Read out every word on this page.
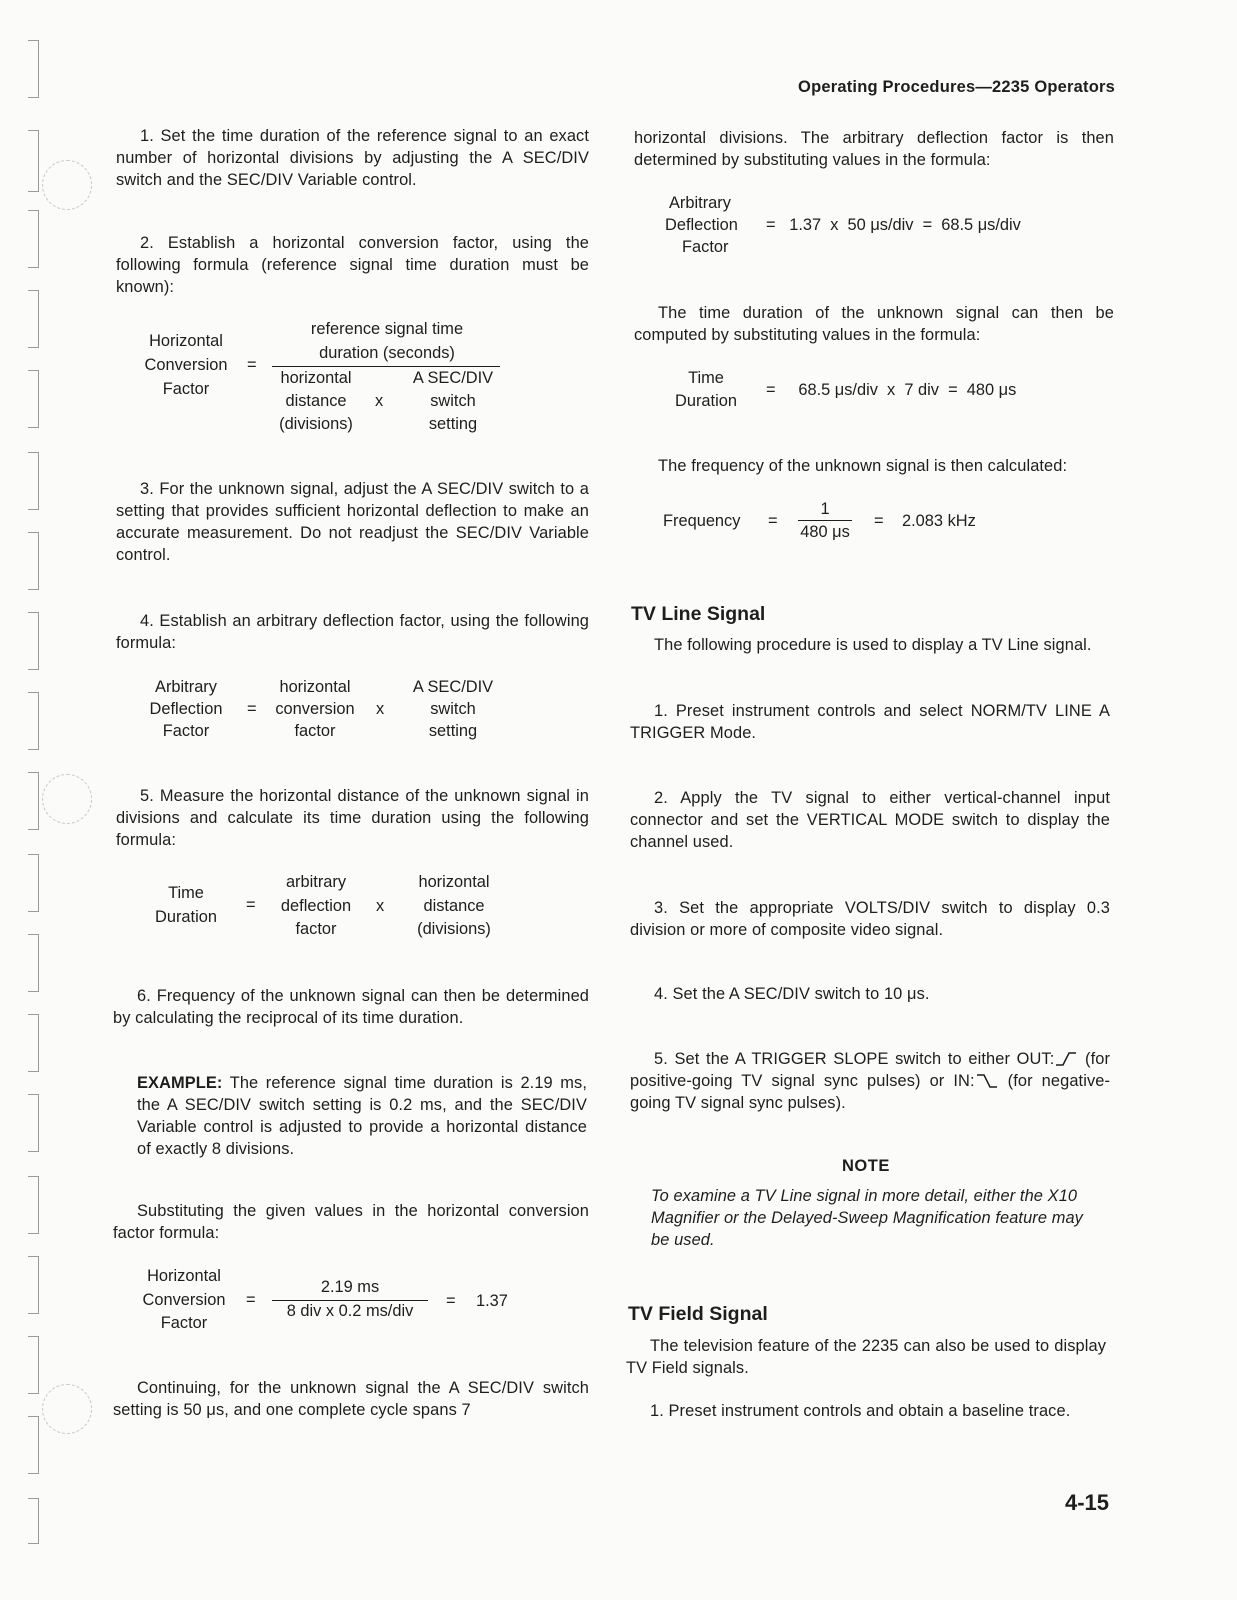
Operating Procedures—2235 Operators
1. Set the time duration of the reference signal to an exact number of horizontal divisions by adjusting the A SEC/DIV switch and the SEC/DIV Variable control.
2. Establish a horizontal conversion factor, using the following formula (reference signal time duration must be known):
Horizontal
Conversion
Factor
=
reference signal time
duration (seconds)
horizontal
distance
(divisions)
x
A SEC/DIV
switch
setting
3. For the unknown signal, adjust the A SEC/DIV switch to a setting that provides sufficient horizontal deflection to make an accurate measurement. Do not readjust the SEC/DIV Variable control.
4. Establish an arbitrary deflection factor, using the following formula:
Arbitrary
Deflection
Factor
=
horizontal
conversion
factor
x
A SEC/DIV
switch
setting
5. Measure the horizontal distance of the unknown signal in divisions and calculate its time duration using the following formula:
Time
Duration
=
arbitrary
deflection
factor
x
horizontal
distance
(divisions)
6. Frequency of the unknown signal can then be determined by calculating the reciprocal of its time duration.
EXAMPLE: The reference signal time duration is 2.19 ms, the A SEC/DIV switch setting is 0.2 ms, and the SEC/DIV Variable control is adjusted to provide a horizontal distance of exactly 8 divisions.
Substituting the given values in the horizontal conversion factor formula:
Horizontal
Conversion
Factor
=
2.19 ms
8 div x 0.2 ms/div
= 1.37
Continuing, for the unknown signal the A SEC/DIV switch setting is 50 μs, and one complete cycle spans 7
horizontal divisions. The arbitrary deflection factor is then determined by substituting values in the formula:
Arbitrary
Deflection
Factor
=   1.37  x  50 μs/div  =  68.5 μs/div
The time duration of the unknown signal can then be computed by substituting values in the formula:
Time
Duration
=     68.5 μs/div  x  7 div  =  480 μs
The frequency of the unknown signal is then calculated:
Frequency =
1
480 μs
= 2.083 kHz
TV Line Signal
The following procedure is used to display a TV Line signal.
1. Preset instrument controls and select NORM/TV LINE A TRIGGER Mode.
2. Apply the TV signal to either vertical-channel input connector and set the VERTICAL MODE switch to display the channel used.
3. Set the appropriate VOLTS/DIV switch to display 0.3 division or more of composite video signal.
4. Set the A SEC/DIV switch to 10 μs.
5. Set the A TRIGGER SLOPE switch to either OUT: (for positive-going TV signal sync pulses) or IN: (for negative-going TV signal sync pulses).
NOTE
To examine a TV Line signal in more detail, either the X10 Magnifier or the Delayed-Sweep Magnification feature may be used.
TV Field Signal
The television feature of the 2235 can also be used to display TV Field signals.
1. Preset instrument controls and obtain a baseline trace.
4-15
